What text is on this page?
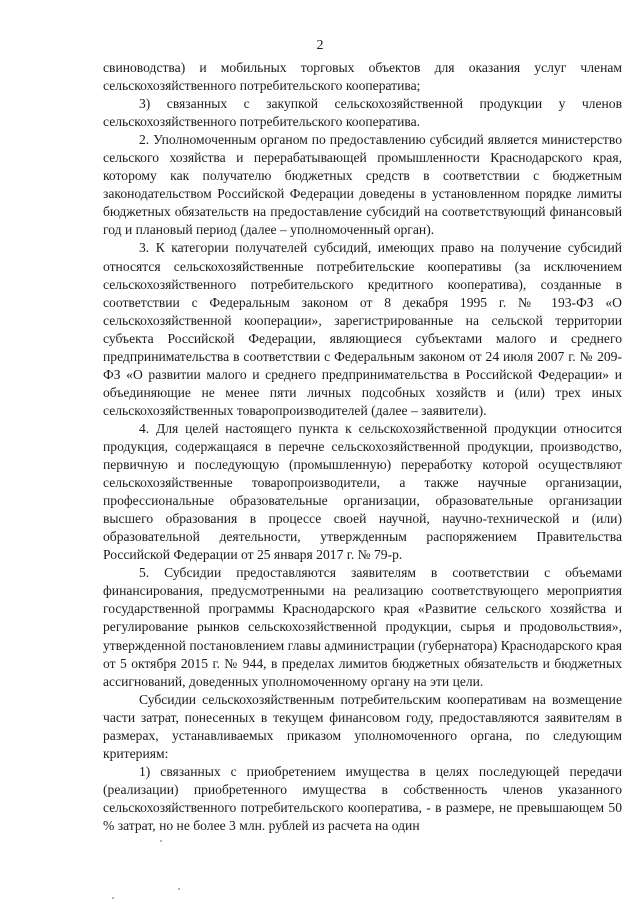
2

свиноводства) и мобильных торговых объектов для оказания услуг членам сельскохозяйственного потребительского кооператива;

3) связанных с закупкой сельскохозяйственной продукции у членов сельскохозяйственного потребительского кооператива.

2. Уполномоченным органом по предоставлению субсидий является министерство сельского хозяйства и перерабатывающей промышленности Краснодарского края, которому как получателю бюджетных средств в соответствии с бюджетным законодательством Российской Федерации доведены в установленном порядке лимиты бюджетных обязательств на предоставление субсидий на соответствующий финансовый год и плановый период (далее – уполномоченный орган).

3. К категории получателей субсидий, имеющих право на получение субсидий относятся сельскохозяйственные потребительские кооперативы (за исключением сельскохозяйственного потребительского кредитного кооператива), созданные в соответствии с Федеральным законом от 8 декабря 1995 г. № 193-ФЗ «О сельскохозяйственной кооперации», зарегистрированные на сельской территории субъекта Российской Федерации, являющиеся субъектами малого и среднего предпринимательства в соответствии с Федеральным законом от 24 июля 2007 г. № 209-ФЗ «О развитии малого и среднего предпринимательства в Российской Федерации» и объединяющие не менее пяти личных подсобных хозяйств и (или) трех иных сельскохозяйственных товаропроизводителей (далее – заявители).

4. Для целей настоящего пункта к сельскохозяйственной продукции относится продукция, содержащаяся в перечне сельскохозяйственной продукции, производство, первичную и последующую (промышленную) переработку которой осуществляют сельскохозяйственные товаропроизводители, а также научные организации, профессиональные образовательные организации, образовательные организации высшего образования в процессе своей научной, научно-технической и (или) образовательной деятельности, утвержденным распоряжением Правительства Российской Федерации от 25 января 2017 г. № 79-р.

5. Субсидии предоставляются заявителям в соответствии с объемами финансирования, предусмотренными на реализацию соответствующего мероприятия государственной программы Краснодарского края «Развитие сельского хозяйства и регулирование рынков сельскохозяйственной продукции, сырья и продовольствия», утвержденной постановлением главы администрации (губернатора) Краснодарского края от 5 октября 2015 г. № 944, в пределах лимитов бюджетных обязательств и бюджетных ассигнований, доведенных уполномоченному органу на эти цели.

Субсидии сельскохозяйственным потребительским кооперативам на возмещение части затрат, понесенных в текущем финансовом году, предоставляются заявителям в размерах, устанавливаемых приказом уполномоченного органа, по следующим критериям:

1) связанных с приобретением имущества в целях последующей передачи (реализации) приобретенного имущества в собственность членов указанного сельскохозяйственного потребительского кооператива, - в размере, не превышающем 50 % затрат, но не более 3 млн. рублей из расчета на один
